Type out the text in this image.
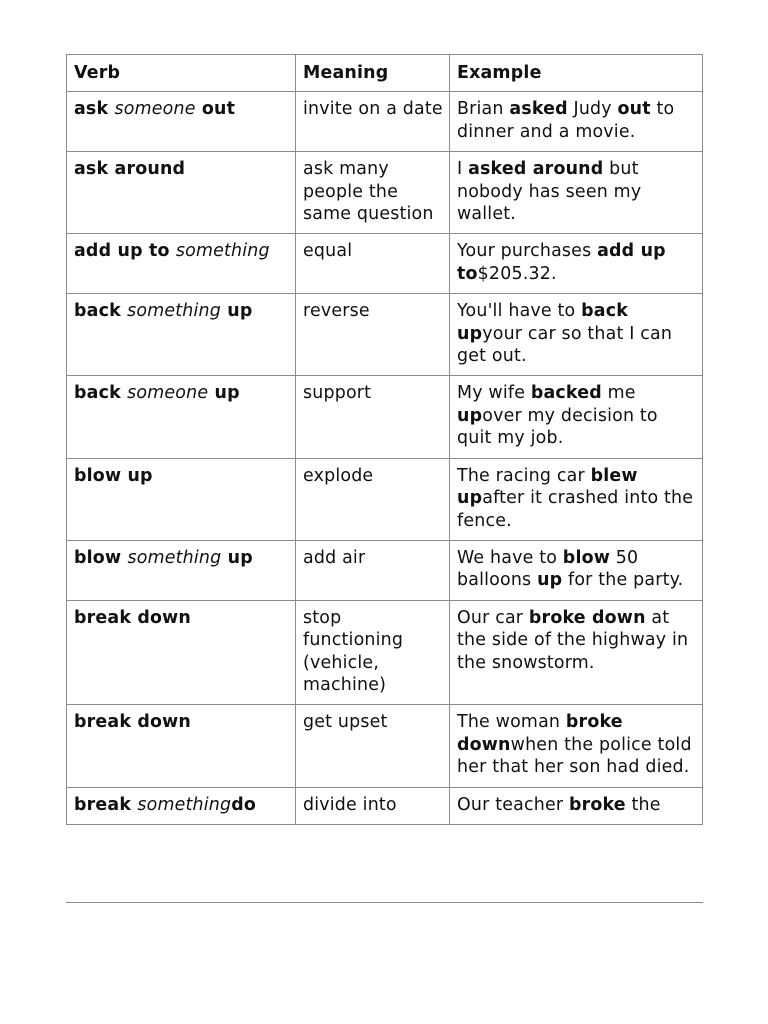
Verb	Meaning	Example
ask someone out	invite on a date	Brian asked Judy out to dinner and a movie.
ask around	ask many people the same question	I asked around but nobody has seen my wallet.
add up to something	equal	Your purchases add up to$205.32.
back something up	reverse	You'll have to back upyour car so that I can get out.
back someone up	support	My wife backed me upover my decision to quit my job.
blow up	explode	The racing car blew upafter it crashed into the fence.
blow something up	add air	We have to blow 50 balloons up for the party.
break down	stop functioning (vehicle, machine)	Our car broke down at the side of the highway in the snowstorm.
break down	get upset	The woman broke downwhen the police told her that her son had died.
break somethingdo	divide into	Our teacher broke the
